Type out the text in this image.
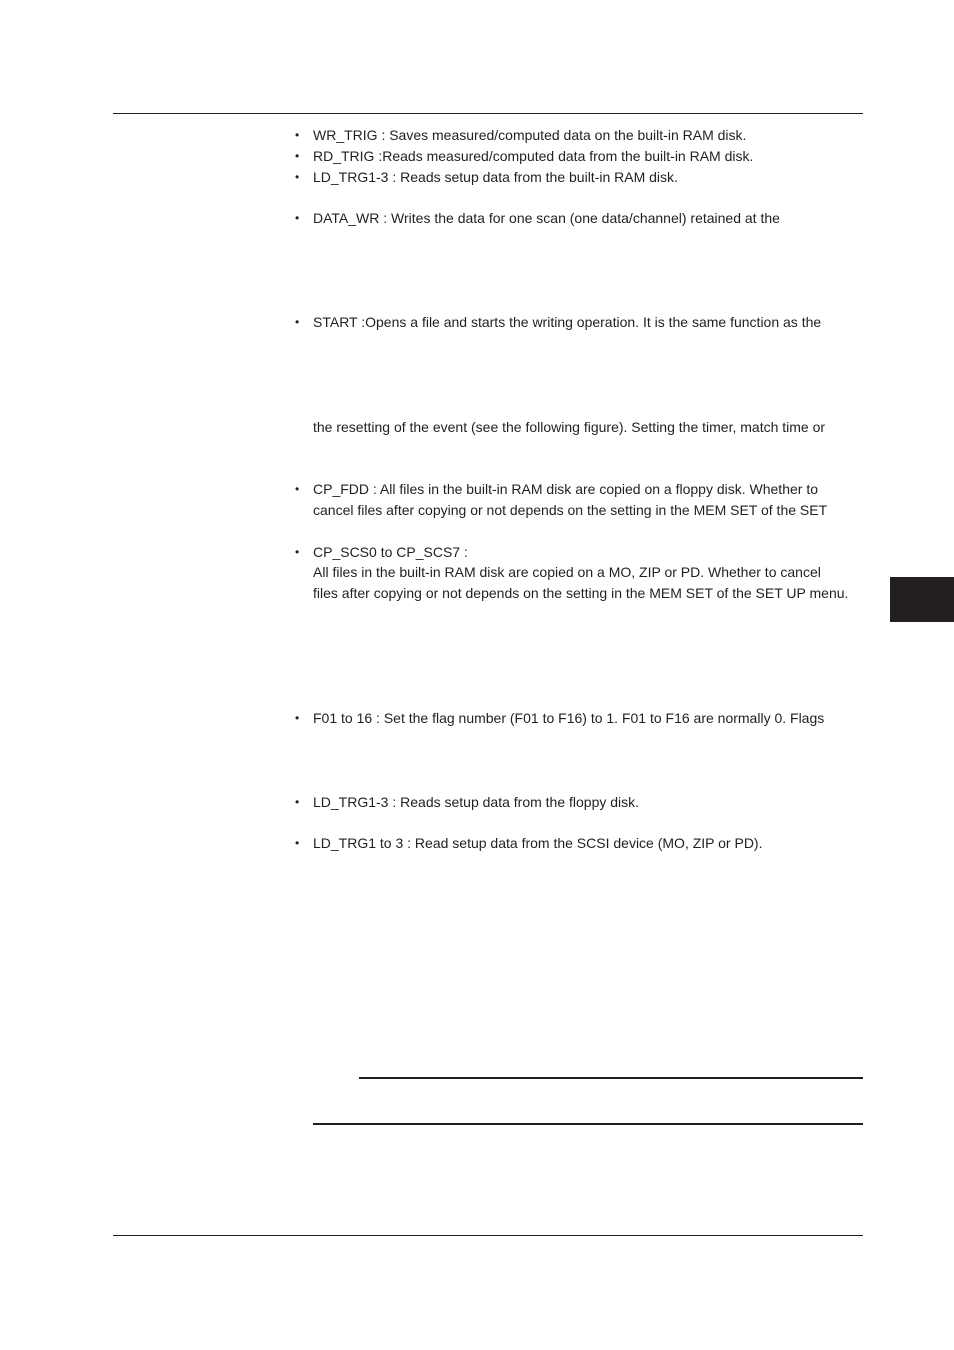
• WR_TRIG : Saves measured/computed data on the built-in RAM disk.
• RD_TRIG :Reads measured/computed data from the built-in RAM disk.
• LD_TRG1-3 : Reads setup data from the built-in RAM disk.
• DATA_WR : Writes the data for one scan (one data/channel) retained at the
• START :Opens a file and starts the writing operation. It is the same function as the
the resetting of the event (see the following figure). Setting the timer, match time or
• CP_FDD : All files in the built-in RAM disk are copied on a floppy disk. Whether to
cancel files after copying or not depends on the setting in the MEM SET of the SET
• CP_SCS0 to CP_SCS7 :
All files in the built-in RAM disk are copied on a MO, ZIP or PD. Whether to cancel
files after copying or not depends on the setting in the MEM SET of the SET UP menu.
• F01 to 16 : Set the flag number (F01 to F16) to 1. F01 to F16 are normally 0. Flags
• LD_TRG1-3 : Reads setup data from the floppy disk.
• LD_TRG1 to 3 : Read setup data from the SCSI device (MO, ZIP or PD).
